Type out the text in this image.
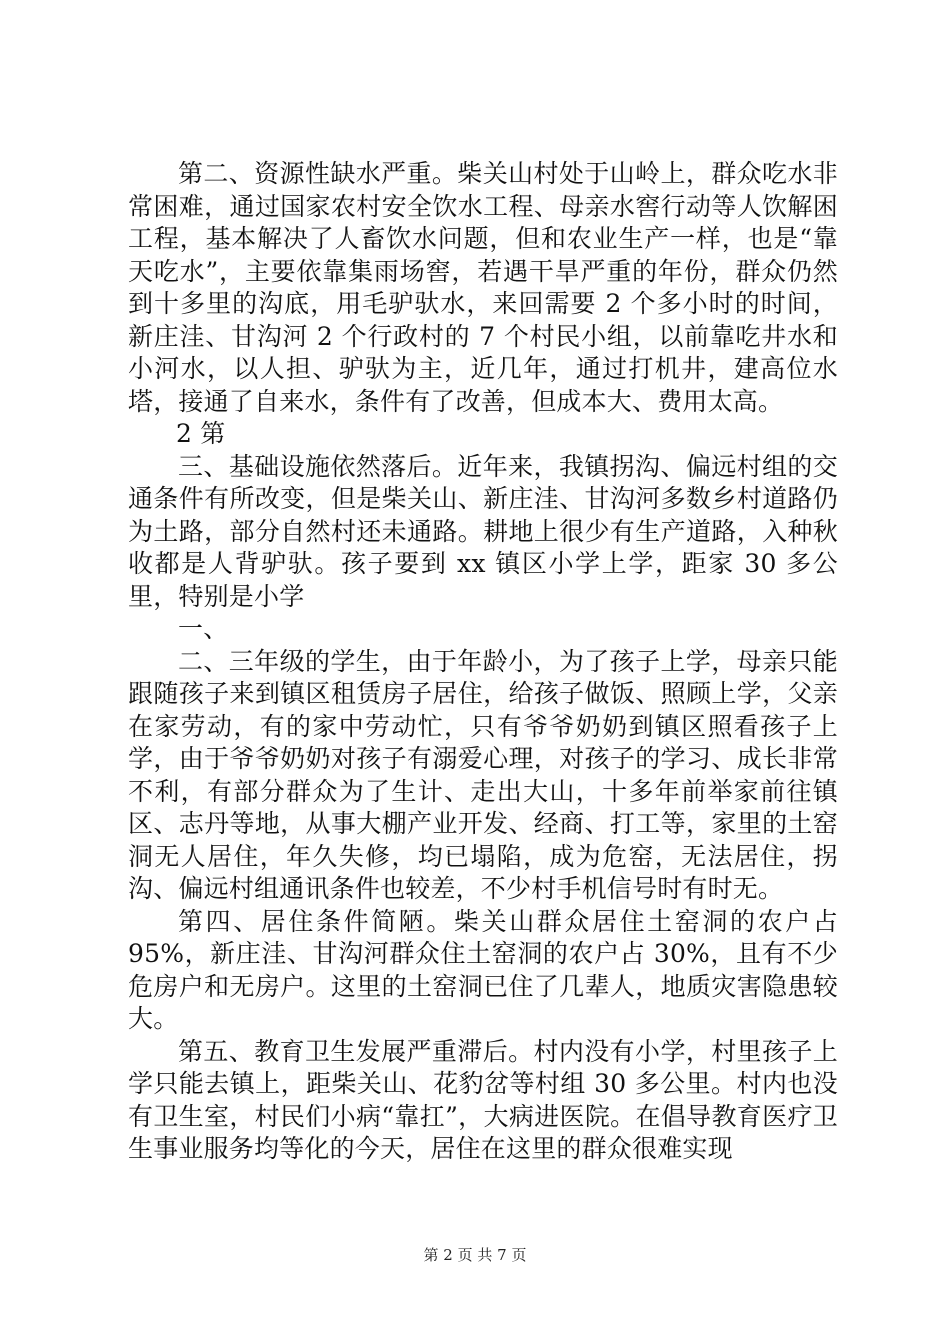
第二、资源性缺水严重。柴关山村处于山岭上，群众吃水非常困难，通过国家农村安全饮水工程、母亲水窖行动等人饮解困工程，基本解决了人畜饮水问题，但和农业生产一样，也是“靠天吃水”，主要依靠集雨场窖，若遇干旱严重的年份，群众仍然到十多里的沟底，用毛驴驮水，来回需要 2 个多小时的时间，新庄洼、甘沟河 2 个行政村的 7 个村民小组，以前靠吃井水和小河水，以人担、驴驮为主，近几年，通过打机井，建高位水塔，接通了自来水，条件有了改善，但成本大、费用太高。

2 第

三、基础设施依然落后。近年来，我镇拐沟、偏远村组的交通条件有所改变，但是柴关山、新庄洼、甘沟河多数乡村道路仍为土路，部分自然村还未通路。耕地上很少有生产道路，入种秋收都是人背驴驮。孩子要到 xx 镇区小学上学，距家 30 多公里，特别是小学

一、

二、三年级的学生，由于年龄小，为了孩子上学，母亲只能跟随孩子来到镇区租赁房子居住，给孩子做饭、照顾上学，父亲在家劳动，有的家中劳动忙，只有爷爷奶奶到镇区照看孩子上学，由于爷爷奶奶对孩子有溺爱心理，对孩子的学习、成长非常不利，有部分群众为了生计、走出大山，十多年前举家前往镇区、志丹等地，从事大棚产业开发、经商、打工等，家里的土窑洞无人居住，年久失修，均已塌陷，成为危窑，无法居住，拐沟、偏远村组通讯条件也较差，不少村手机信号时有时无。

第四、居住条件简陋。柴关山群众居住土窑洞的农户占 95%，新庄洼、甘沟河群众住土窑洞的农户占 30%，且有不少危房户和无房户。这里的土窑洞已住了几辈人，地质灾害隐患较大。

第五、教育卫生发展严重滞后。村内没有小学，村里孩子上学只能去镇上，距柴关山、花豹岔等村组 30 多公里。村内也没有卫生室，村民们小病“靠扛”，大病进医院。在倡导教育医疗卫生事业服务均等化的今天，居住在这里的群众很难实现

第 2 页 共 7 页
